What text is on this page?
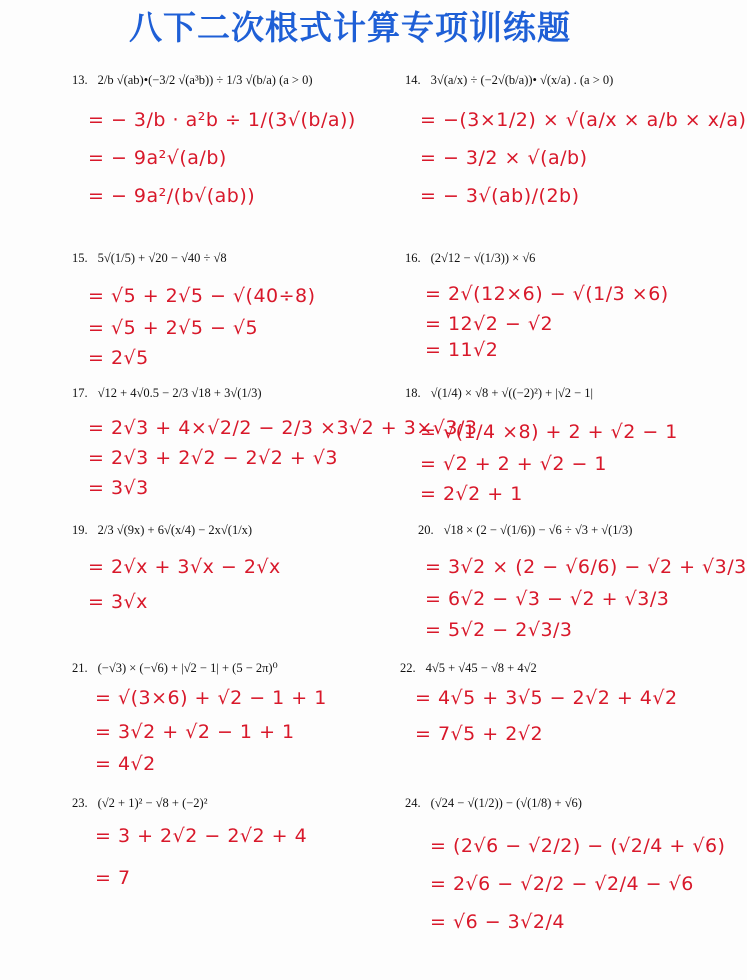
八下二次根式计算专项训练题
13. 2/b √(ab)•(−3/2 √(a³b)) ÷ 1/3 √(b/a) (a > 0)
= − 3/b · a²b ÷ 1/(3√(b/a))
= − 9a²√(a/b)
= − 9a²/(b√(ab))
14. 3√(a/x) ÷ (−2√(b/a))• √(x/a) . (a > 0)
= −(3×1/2) × √(a/x × a/b × x/a)
= − 3/2 × √(a/b)
= − 3√(ab)/(2b)
15. 5√(1/5) + √20 − √40 ÷ √8
= √5 + 2√5 − √(40÷8)
= √5 + 2√5 − √5
= 2√5
16. (2√12 − √(1/3)) × √6
= 2√(12×6) − √(1/3 ×6)
= 12√2 − √2
= 11√2
17. √12 + 4√0.5 − 2/3 √18 + 3√(1/3)
= 2√3 + 4×√2/2 − 2/3 ×3√2 + 3×√3/3
= 2√3 + 2√2 − 2√2 + √3
= 3√3
18. √(1/4) × √8 + √((−2)²) + |√2 − 1|
= √(1/4 ×8) + 2 + √2 − 1
= √2 + 2 + √2 − 1
= 2√2 + 1
19. 2/3 √(9x) + 6√(x/4) − 2x√(1/x)
= 2√x + 3√x − 2√x
= 3√x
20. √18 × (2 − √(1/6)) − √6 ÷ √3 + √(1/3)
= 3√2 × (2 − √6/6) − √2 + √3/3
= 6√2 − √3 − √2 + √3/3
= 5√2 − 2√3/3
21. (−√3) × (−√6) + |√2 − 1| + (5 − 2π)⁰
= √(3×6) + √2 − 1 + 1
= 3√2 + √2 − 1 + 1
= 4√2
22. 4√5 + √45 − √8 + 4√2
= 4√5 + 3√5 − 2√2 + 4√2
= 7√5 + 2√2
23. (√2 + 1)² − √8 + (−2)²
= 3 + 2√2 − 2√2 + 4
= 7
24. (√24 − √(1/2)) − (√(1/8) + √6)
= (2√6 − √2/2) − (√2/4 + √6)
= 2√6 − √2/2 − √2/4 − √6
= √6 − 3√2/4
